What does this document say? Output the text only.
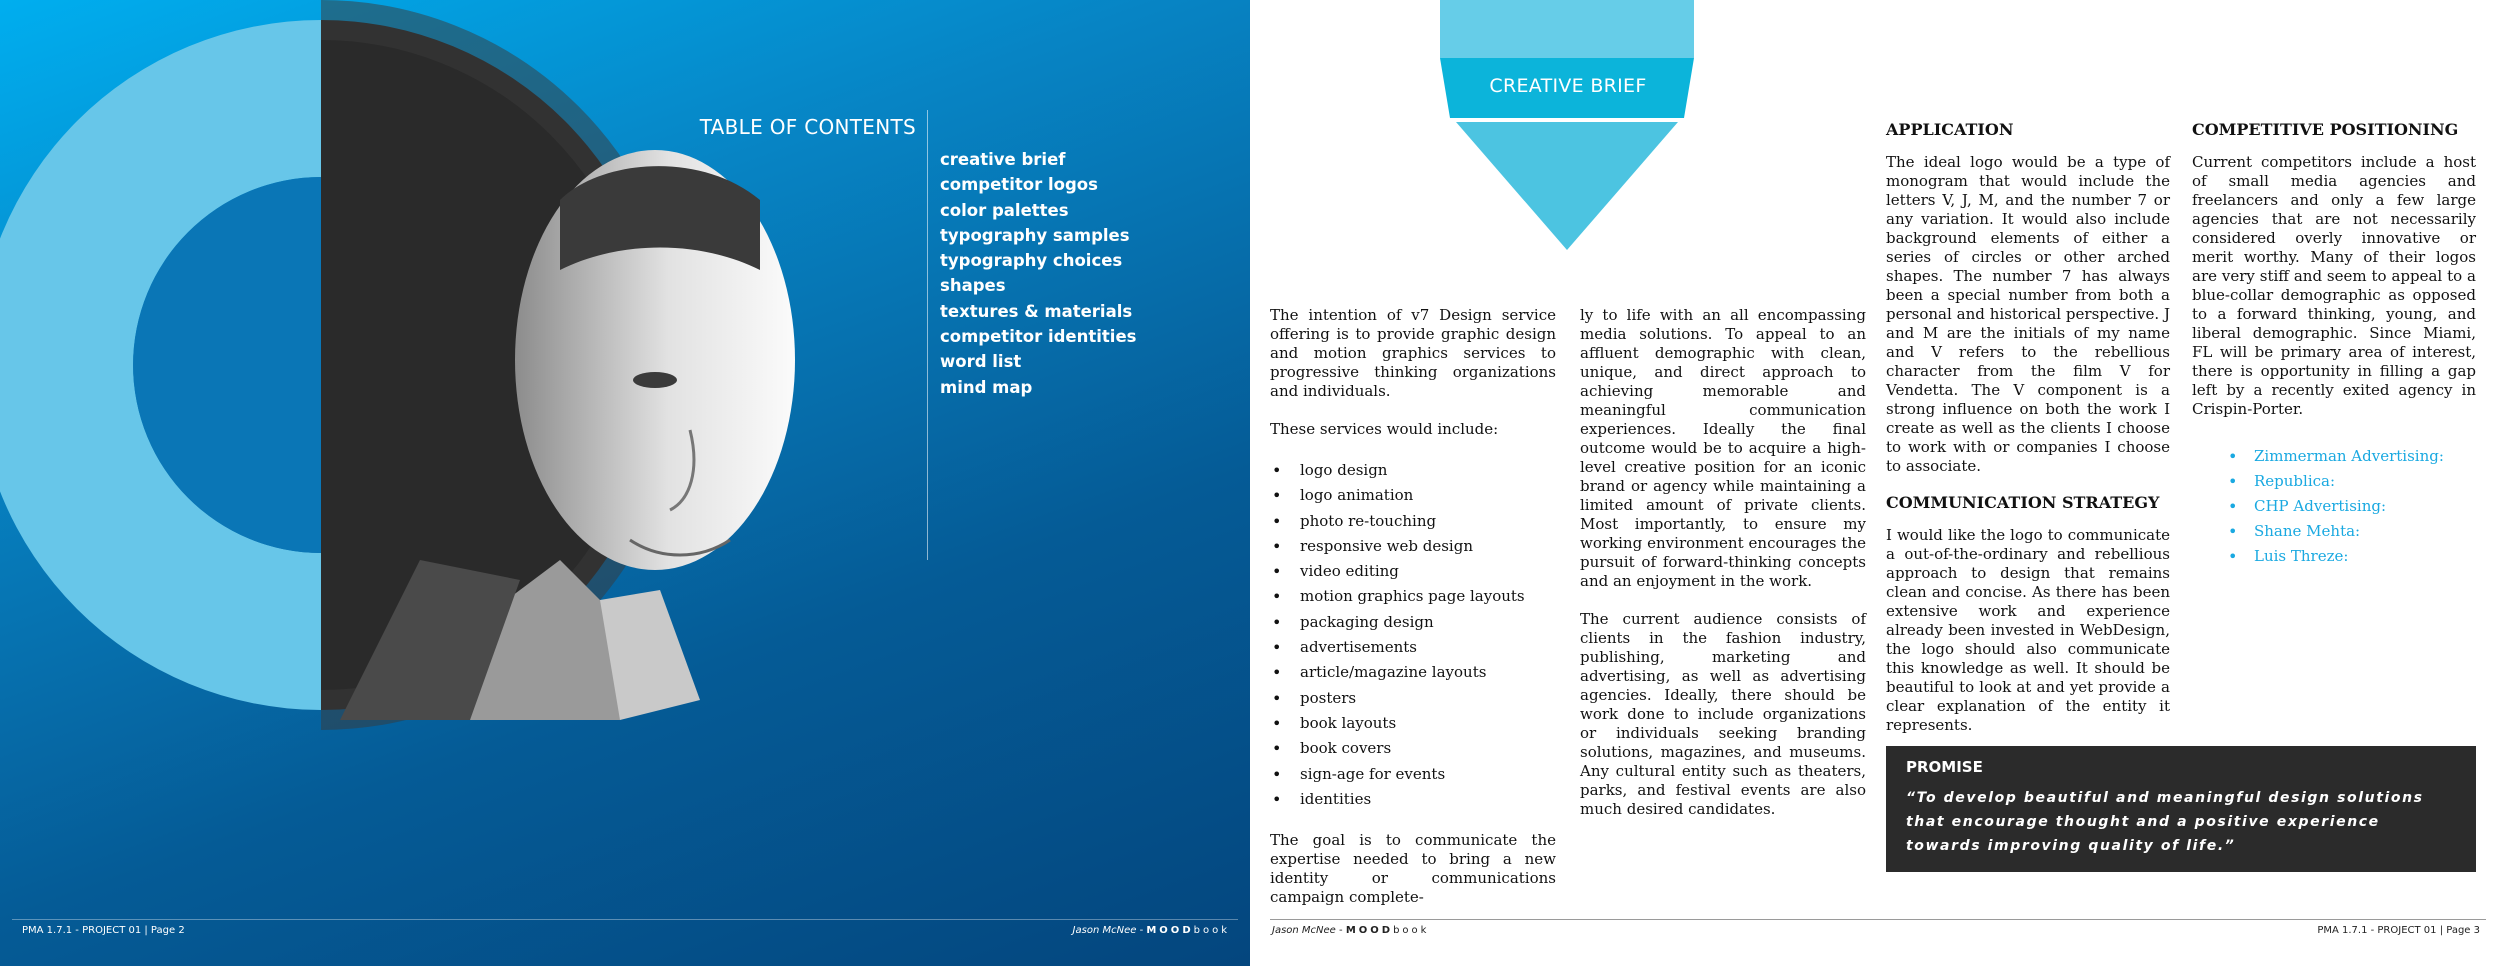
TABLE OF CONTENTS
creative brief
competitor logos
color palettes
typography samples
typography choices
shapes
textures & materials
competitor identities
word list
mind map
PMA 1.7.1 - PROJECT 01 | Page 2	Jason McNee - MOODbook
CREATIVE BRIEF

The intention of v7 Design service offering is to provide graphic design and motion graphics services to progressive thinking organizations and individuals.

These services would include:

• logo design
• logo animation
• photo re-touching
• responsive web design
• video editing
• motion graphics page layouts
• packaging design
• advertisements
• article/magazine layouts
• posters
• book layouts
• book covers
• sign-age for events
• identities

The goal is to communicate the expertise needed to bring a new identity or communications campaign complete-

ly to life with an all encompassing media solutions. To appeal to an affluent demographic with clean, unique, and direct approach to achieving memorable and meaningful communication experiences. Ideally the final outcome would be to acquire a high-level creative position for an iconic brand or agency while maintaining a limited amount of private clients. Most importantly, to ensure my working environment encourages the pursuit of forward-thinking concepts and an enjoyment in the work.

The current audience consists of clients in the fashion industry, publishing, marketing and advertising, as well as advertising agencies. Ideally, there should be work done to include organizations or individuals seeking branding solutions, magazines, and museums. Any cultural entity such as theaters, parks, and festival events are also much desired candidates.

APPLICATION

The ideal logo would be a type of monogram that would include the letters V, J, M, and the number 7 or any variation. It would also include background elements of either a series of circles or other arched shapes. The number 7 has always been a special number from both a personal and historical perspective. J and M are the initials of my name and V refers to the rebellious character from the film V for Vendetta. The V component is a strong influence on both the work I create as well as the clients I choose to work with or companies I choose to associate.

COMMUNICATION STRATEGY

I would like the logo to communicate a out-of-the-ordinary and rebellious approach to design that remains clean and concise. As there has been extensive work and experience already been invested in WebDesign, the logo should also communicate this knowledge as well. It should be beautiful to look at and yet provide a clear explanation of the entity it represents.

COMPETITIVE POSITIONING

Current competitors include a host of small media agencies and freelancers and only a few large agencies that are not necessarily considered overly innovative or merit worthy. Many of their logos are very stiff and seem to appeal to a blue-collar demographic as opposed to a forward thinking, young, and liberal demographic. Since Miami, FL will be primary area of interest, there is opportunity in filling a gap left by a recently exited agency in Crispin-Porter.

• Zimmerman Advertising:
• Republica:
• CHP Advertising:
• Shane Mehta:
• Luis Threze:
PROMISE

“To develop beautiful and meaningful design solutions that encourage thought and a positive experience towards improving quality of life.”

Jason McNee - MOODbook	PMA 1.7.1 - PROJECT 01 | Page 3
